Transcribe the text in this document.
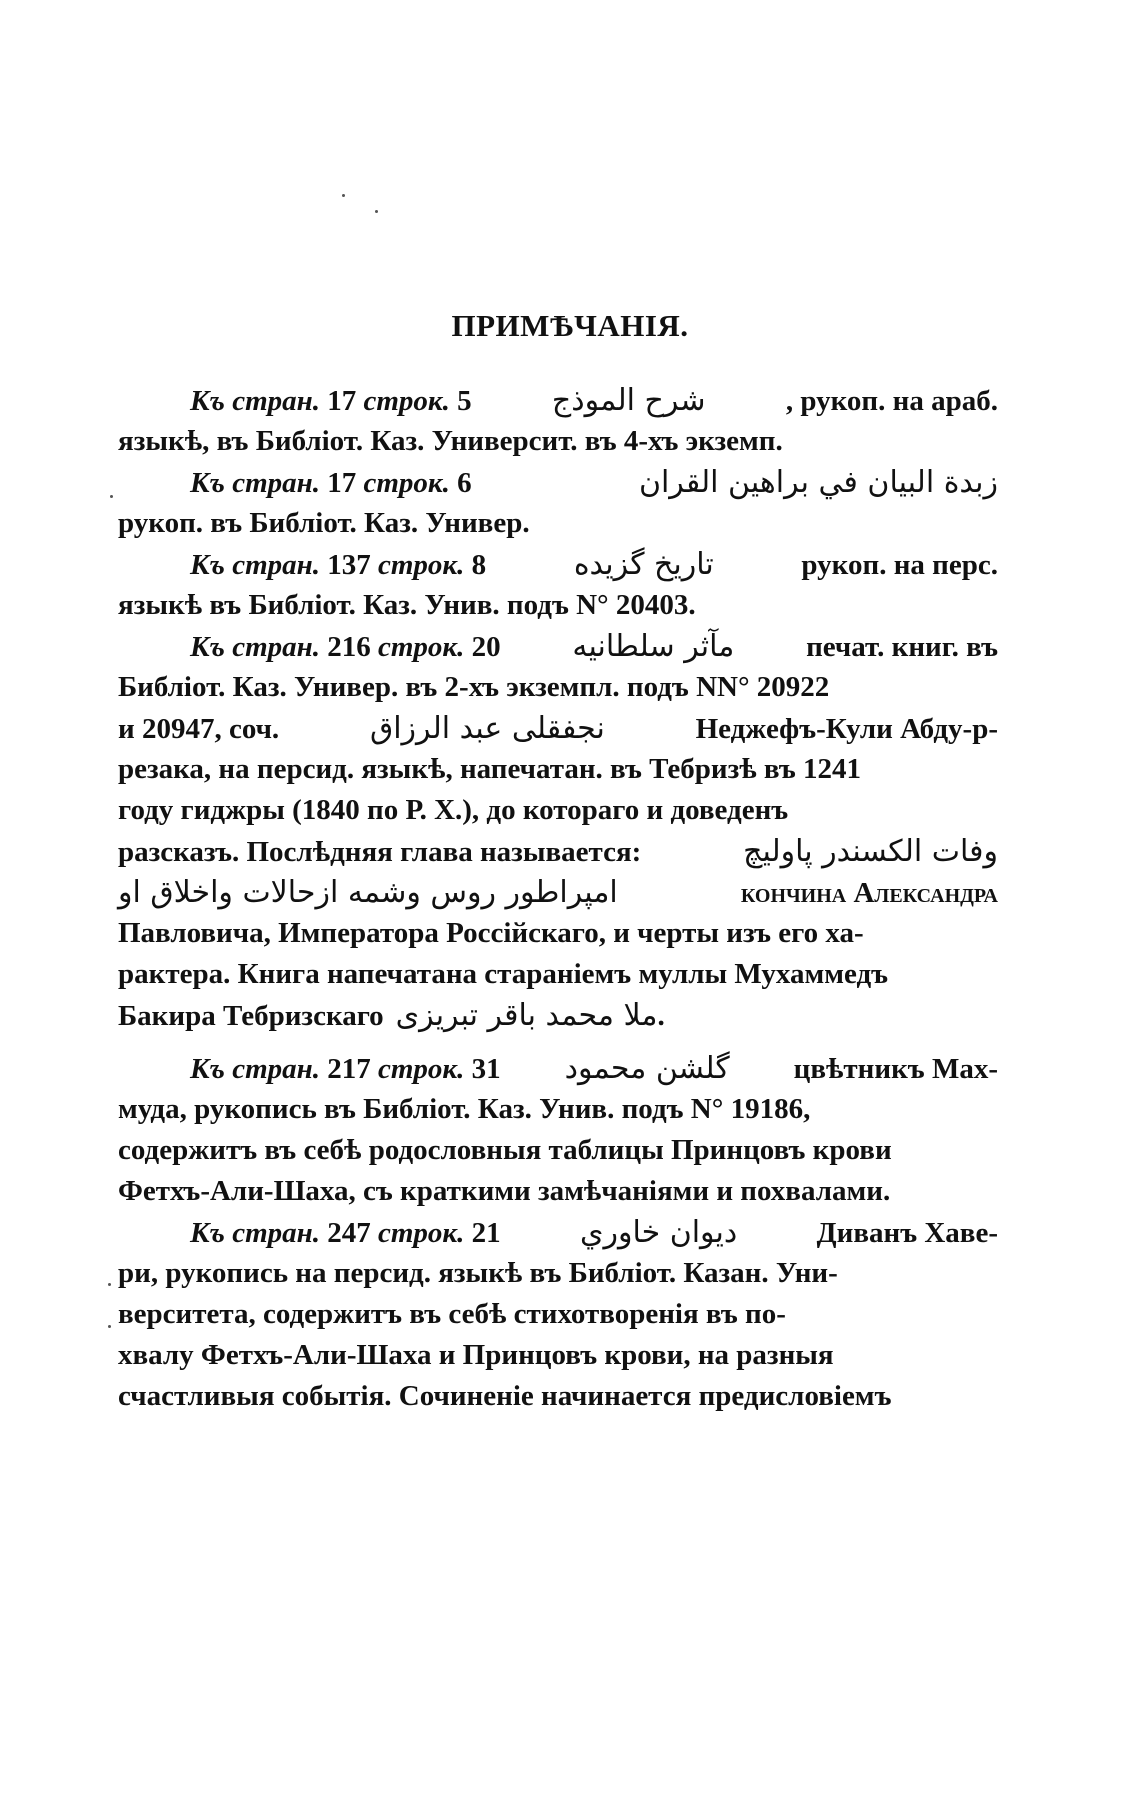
ПРИМѢЧАНІЯ.
Къ стран. 17 строк. 5	شرح الموذج	, рукоп. на араб.
языкѣ, въ Библіот. Каз. Университ. въ 4-хъ экземп.
Къ стран. 17 строк. 6	زبدة البيان في براهين القران
рукоп. въ Библіот. Каз. Универ.
Къ стран. 137 строк. 8	تاريخ گزيده	рукоп. на перс.
языкѣ въ Библіот. Каз. Унив. подъ N° 20403.
Къ стран. 216 строк. 20 مآثر سلطانيه печат. книг. въ
Библіот. Каз. Универ. въ 2-хъ экземпл. подъ NN° 20922
и 20947, соч.	نجفقلی عبد الرزاق	Неджефъ-Кули Абду-р-
резака, на персид. языкѣ, напечатан. въ Тебризѣ въ 1241
году гиджры (1840 по Р. Х.), до котораго и доведенъ
разсказъ. Послѣдняя глава называется:	وفات الكسندر پاولیچ
امپراطور روس وشمه ازحالات واخلاق او	кончина Александра
Павловича, Императора Россійскаго, и черты изъ его ха-
рактера. Книга напечатана стараніемъ муллы Мухаммедъ
Бакира Тебризскаго ملا محمد باقر تبریزی .
Къ стран. 217 строк. 31 گلشن محمود цвѣтникъ Мах-
муда, рукопись въ Библіот. Каз. Унив. подъ N° 19186,
содержитъ въ себѣ родословныя таблицы Принцовъ крови
Фетхъ-Али-Шаха, съ краткими замѣчаніями и похвалами.
Къ стран. 247 строк. 21	ديوان خاوري	Диванъ Хаве-
ри, рукопись на персид. языкѣ въ Библіот. Казан. Уни-
верситета, содержитъ въ себѣ стихотворенія въ по-
хвалу Фетхъ-Али-Шаха и Принцовъ крови, на разныя
счастливыя событія. Сочиненіе начинается предисловіемъ
